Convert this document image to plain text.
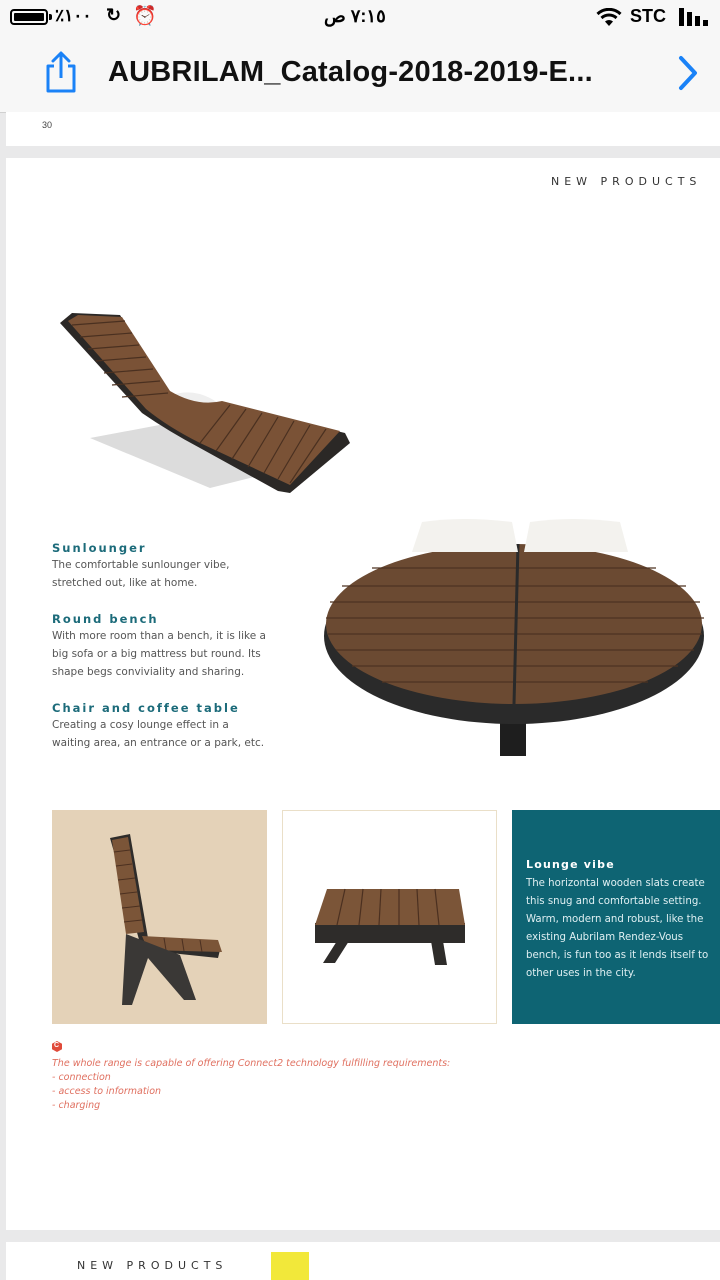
٪١٠٠ ↻ ⏰	٧:١٥ ص	STC
AUBRILAM_Catalog-2018-2019-E...
30
NEW PRODUCTS
Sunlounger
The comfortable sunlounger vibe, stretched out, like at home.
Round bench
With more room than a bench, it is like a big sofa or a big mattress but round. Its shape begs conviviality and sharing.
Chair and coffee table
Creating a cosy lounge effect in a waiting area, an entrance or a park, etc.
Lounge vibe
The horizontal wooden slats create this snug and comfortable setting. Warm, modern and robust, like the existing Aubrilam Rendez-Vous bench, is fun too as it lends itself to other uses in the city.
C
The whole range is capable of offering Connect2 technology fulfilling requirements:
- connection
- access to information
- charging
NEW PRODUCTS
